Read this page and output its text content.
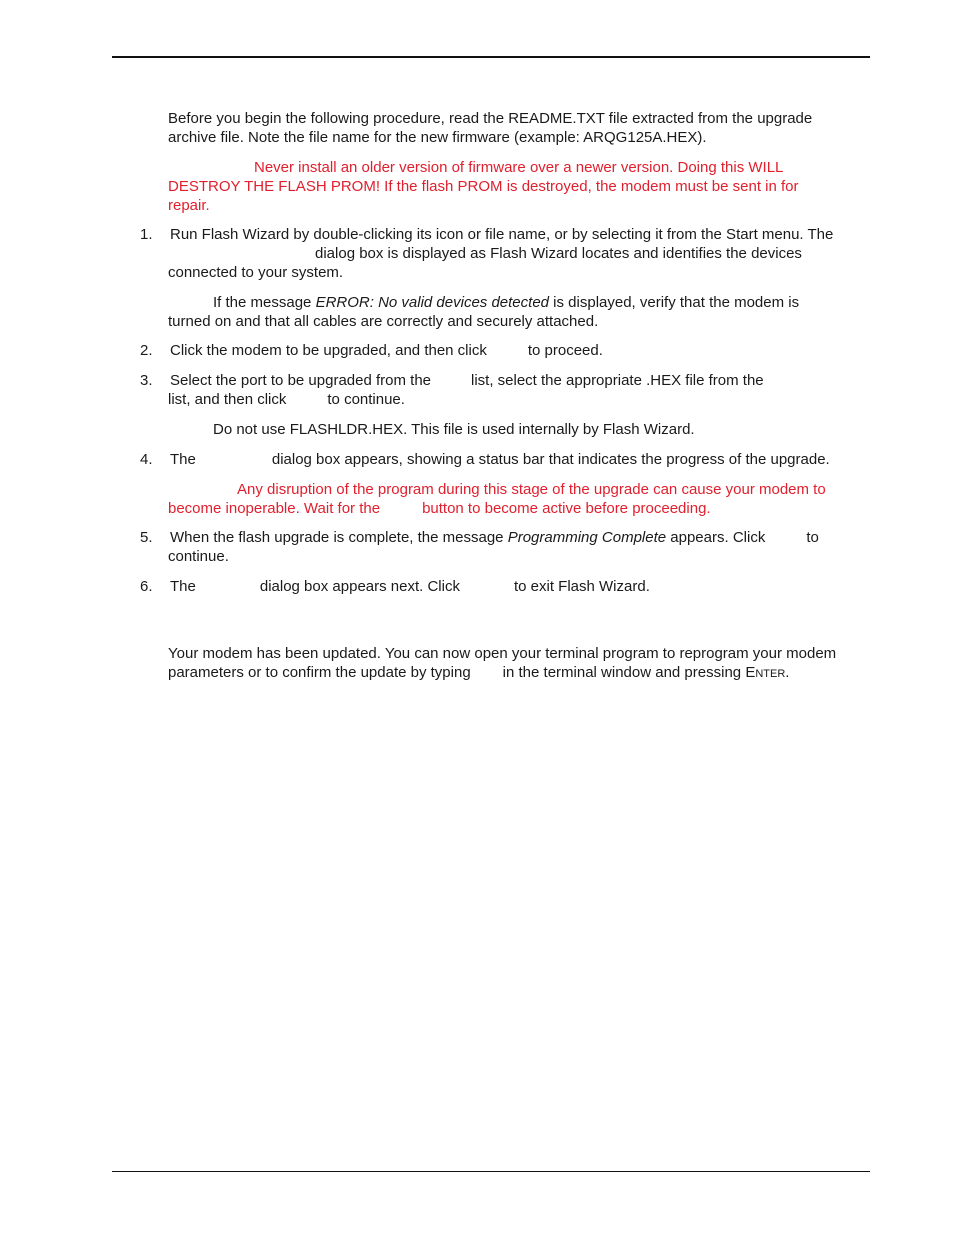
Before you begin the following procedure, read the README.TXT file extracted from the upgrade
archive file. Note the file name for the new firmware (example: ARQG125A.HEX).
Never install an older version of firmware over a newer version. Doing this WILL
DESTROY THE FLASH PROM! If the flash PROM is destroyed, the modem must be sent in for
repair.
1.	Run Flash Wizard by double-clicking its icon or file name, or by selecting it from the Start menu. The
dialog box is displayed as Flash Wizard locates and identifies the devices
connected to your system.
If the message ERROR: No valid devices detected is displayed, verify that the modem is
turned on and that all cables are correctly and securely attached.
2.	Click the modem to be upgraded, and then click	to proceed.
3.	Select the port to be upgraded from the	list, select the appropriate .HEX file from the
list, and then click	to continue.
Do not use FLASHLDR.HEX. This file is used internally by Flash Wizard.
4.	The	dialog box appears, showing a status bar that indicates the progress of the upgrade.
Any disruption of the program during this stage of the upgrade can cause your modem to
become inoperable. Wait for the	button to become active before proceeding.
5.	When the flash upgrade is complete, the message Programming Complete appears. Click	to
continue.
6.	The	dialog box appears next. Click	to exit Flash Wizard.
Your modem has been updated. You can now open your terminal program to reprogram your modem
parameters or to confirm the update by typing in the terminal window and pressing Enter.
